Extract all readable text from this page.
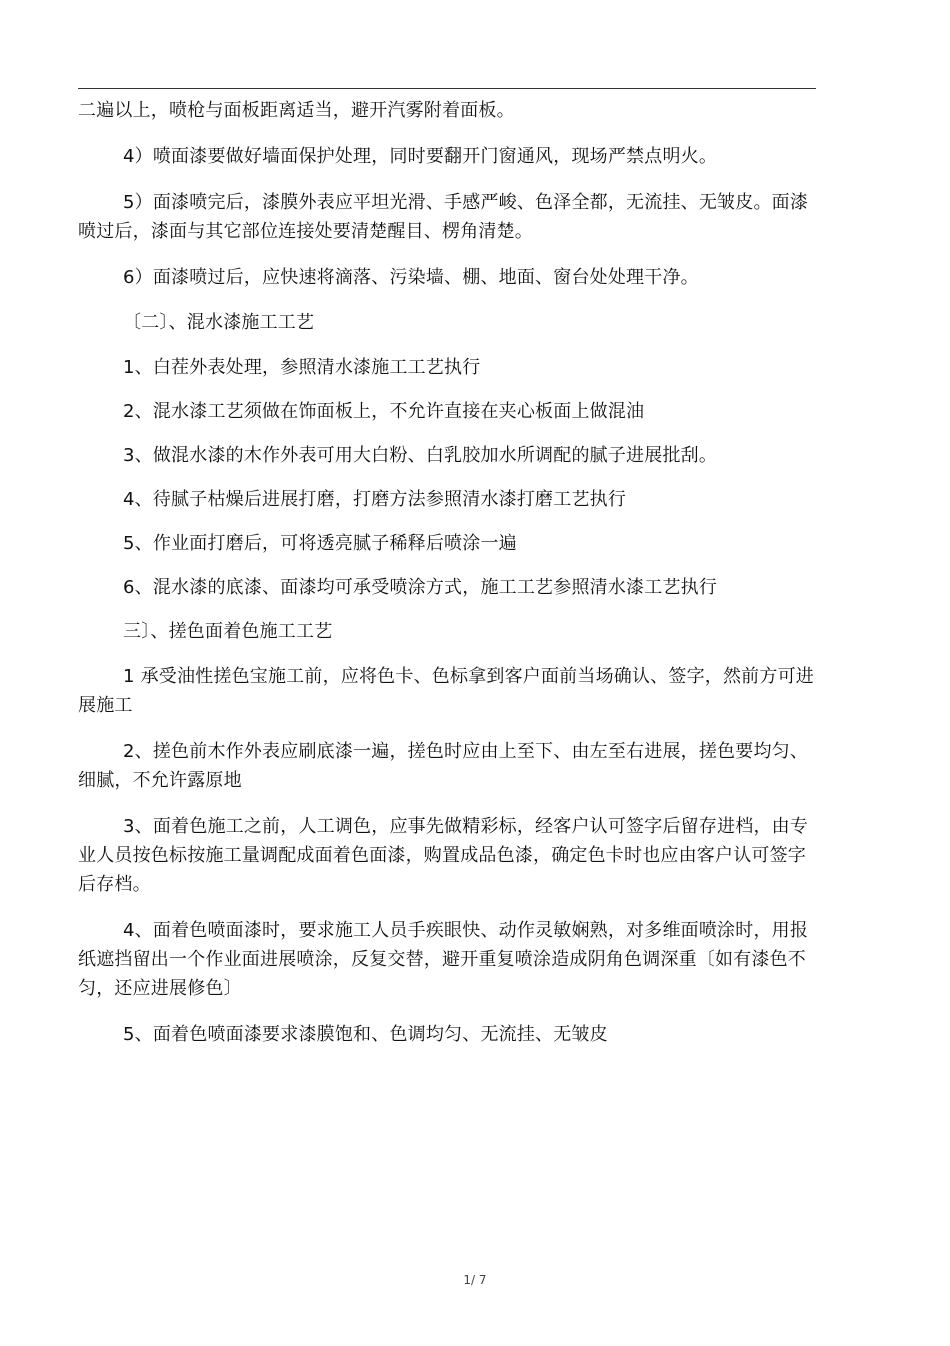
二遍以上，喷枪与面板距离适当，避开汽雾附着面板。

4）喷面漆要做好墙面保护处理，同时要翻开门窗通风，现场严禁点明火。

5）面漆喷完后，漆膜外表应平坦光滑、手感严峻、色泽全都，无流挂、无皱皮。面漆喷过后，漆面与其它部位连接处要清楚醒目、楞角清楚。

6）面漆喷过后，应快速将滴落、污染墙、棚、地面、窗台处处理干净。

〔二〕、混水漆施工工艺

1、白茬外表处理，参照清水漆施工工艺执行

2、混水漆工艺须做在饰面板上，不允许直接在夹心板面上做混油

3、做混水漆的木作外表可用大白粉、白乳胶加水所调配的腻子进展批刮。

4、待腻子枯燥后进展打磨，打磨方法参照清水漆打磨工艺执行

5、作业面打磨后，可将透亮腻子稀释后喷涂一遍

6、混水漆的底漆、面漆均可承受喷涂方式，施工工艺参照清水漆工艺执行

三〕、搓色面着色施工工艺

1 承受油性搓色宝施工前，应将色卡、色标拿到客户面前当场确认、签字，然前方可进展施工

2、搓色前木作外表应刷底漆一遍，搓色时应由上至下、由左至右进展，搓色要均匀、细腻，不允许露原地

3、面着色施工之前，人工调色，应事先做精彩标，经客户认可签字后留存进档，由专业人员按色标按施工量调配成面着色面漆，购置成品色漆，确定色卡时也应由客户认可签字后存档。

4、面着色喷面漆时，要求施工人员手疾眼快、动作灵敏娴熟，对多维面喷涂时，用报纸遮挡留出一个作业面进展喷涂，反复交替，避开重复喷涂造成阴角色调深重〔如有漆色不匀，还应进展修色〕

5、面着色喷面漆要求漆膜饱和、色调均匀、无流挂、无皱皮

1/ 7
